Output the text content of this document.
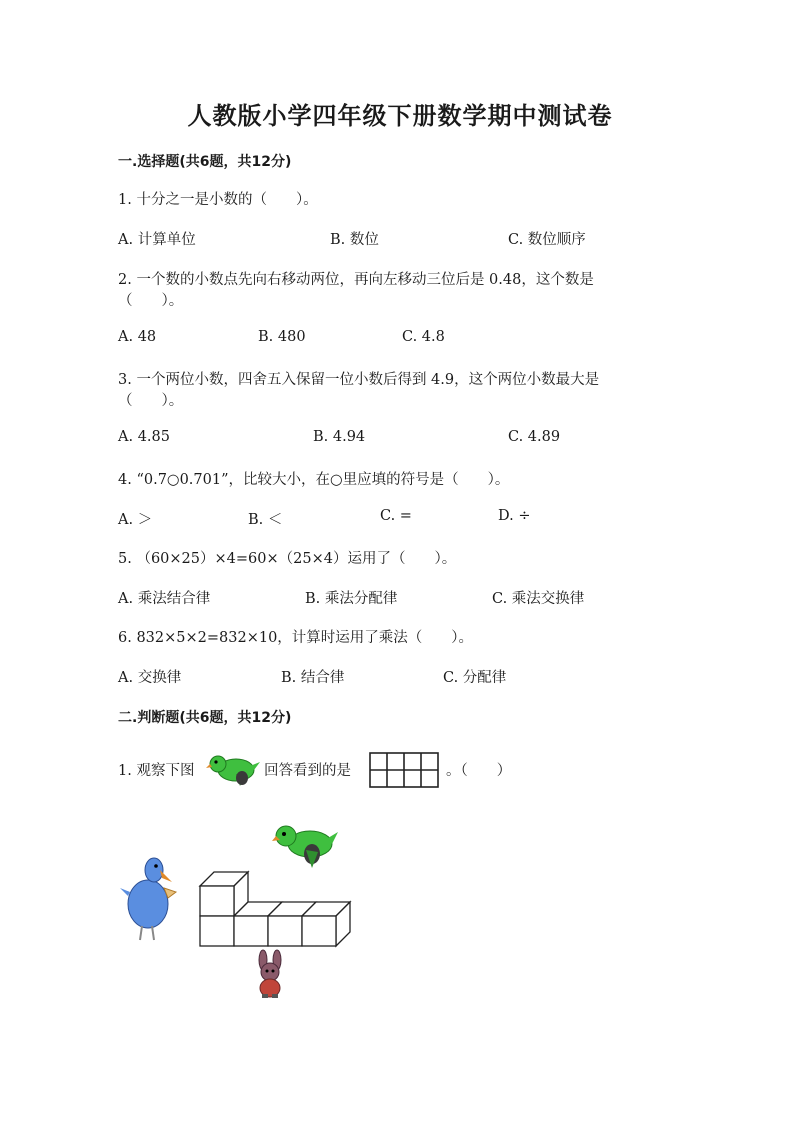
人教版小学四年级下册数学期中测试卷
一.选择题(共6题，共12分)
1. 十分之一是小数的（　　）。
A. 计算单位	B. 数位	C. 数位顺序
2. 一个数的小数点先向右移动两位，再向左移动三位后是 0.48，这个数是
（　　）。
A. 48	B. 480	C. 4.8
3. 一个两位小数，四舍五入保留一位小数后得到 4.9，这个两位小数最大是
（　　）。
A. 4.85	B. 4.94	C. 4.89
4. “0.7○0.701”，比较大小，在○里应填的符号是（　　）。
A. ＞	B. ＜	C. =	D. ÷
5. （60×25）×4=60×（25×4）运用了（　　）。
A. 乘法结合律	B. 乘法分配律	C. 乘法交换律
6. 832×5×2=832×10，计算时运用了乘法（　　）。
A. 交换律	B. 结合律	C. 分配律
二.判断题(共6题，共12分)
1. 观察下图	回答看到的是	。（　　）
